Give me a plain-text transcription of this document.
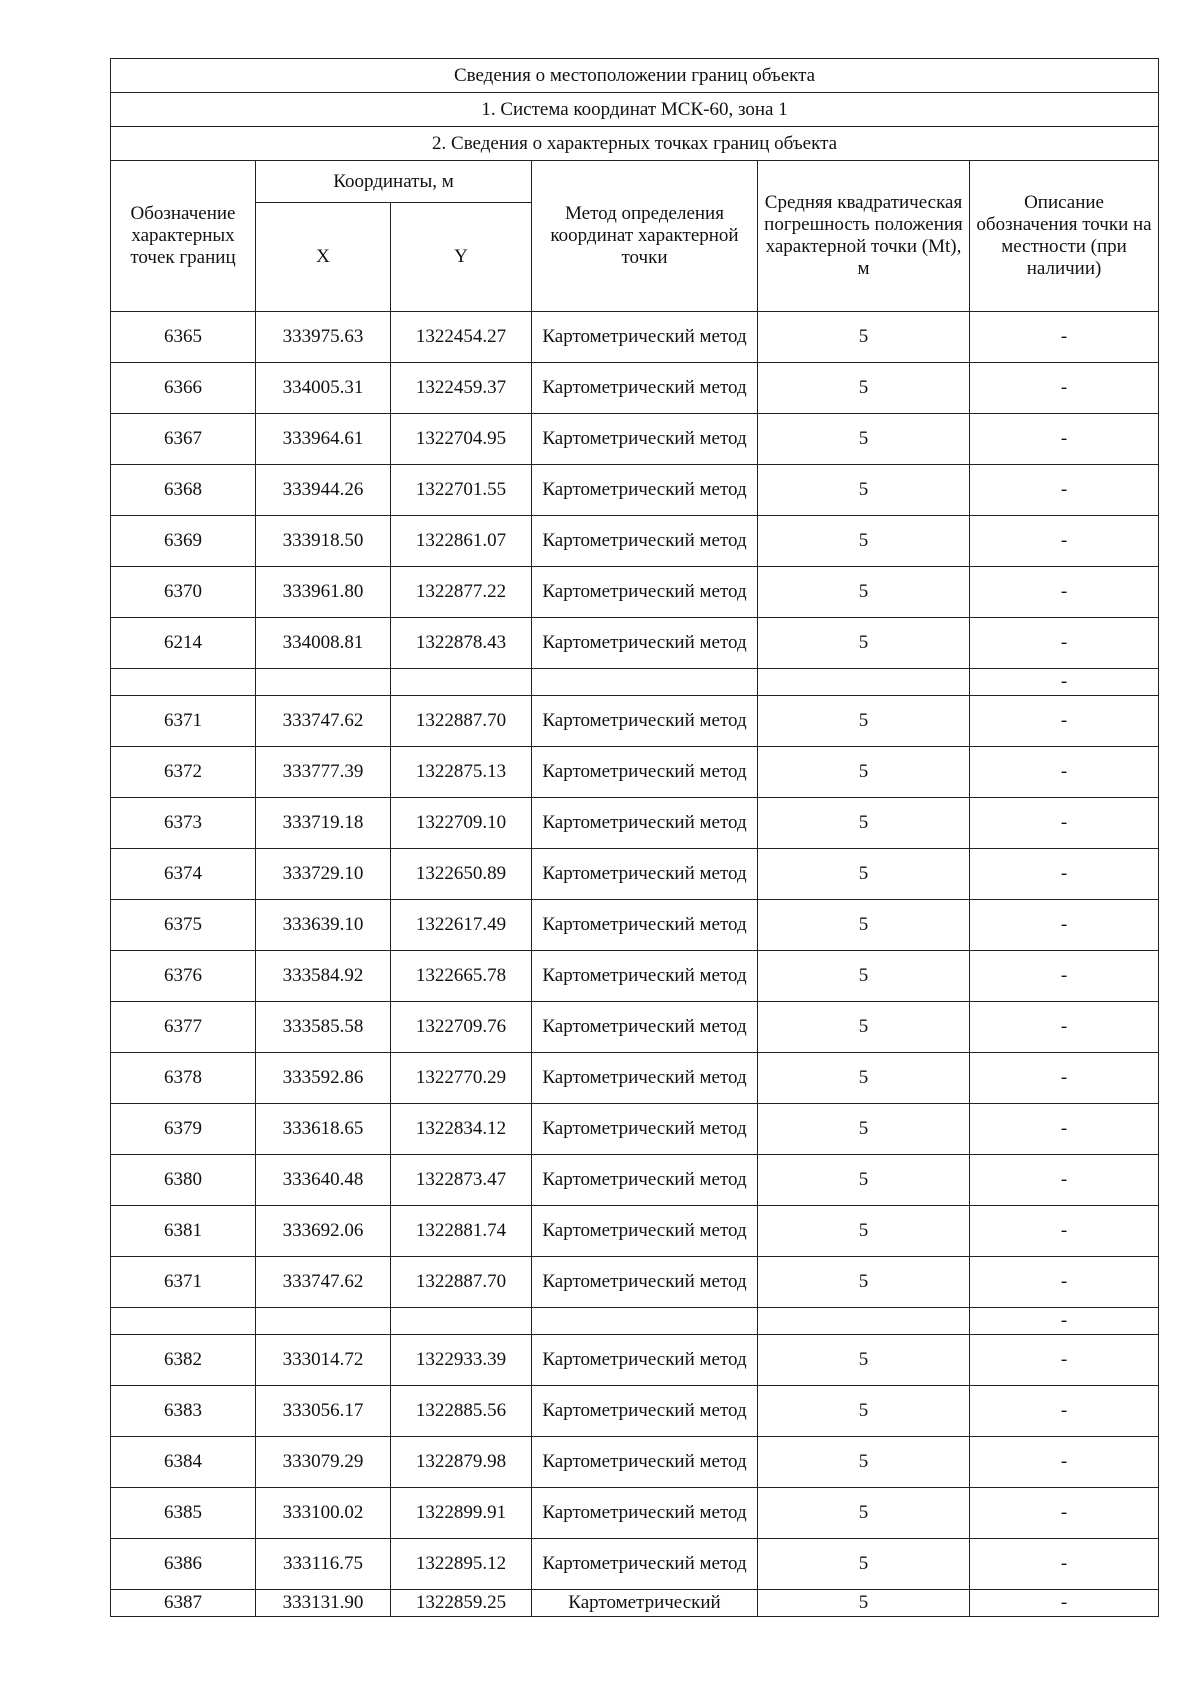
Сведения о местоположении границ объекта					
1. Система координат МСК-60, зона 1					
2. Сведения о характерных точках границ объекта					
Обозначение характерных точек границ	Координаты, м		Метод определения координат характерной точки	Средняя квадратическая погрешность положения характерной точки (Mt), м	Описание обозначения точки на местности (при наличии)
	X	Y			
6365	333975.63	1322454.27	Картометрический метод	5	-
6366	334005.31	1322459.37	Картометрический метод	5	-
6367	333964.61	1322704.95	Картометрический метод	5	-
6368	333944.26	1322701.55	Картометрический метод	5	-
6369	333918.50	1322861.07	Картометрический метод	5	-
6370	333961.80	1322877.22	Картометрический метод	5	-
6214	334008.81	1322878.43	Картометрический метод	5	-
					-
6371	333747.62	1322887.70	Картометрический метод	5	-
6372	333777.39	1322875.13	Картометрический метод	5	-
6373	333719.18	1322709.10	Картометрический метод	5	-
6374	333729.10	1322650.89	Картометрический метод	5	-
6375	333639.10	1322617.49	Картометрический метод	5	-
6376	333584.92	1322665.78	Картометрический метод	5	-
6377	333585.58	1322709.76	Картометрический метод	5	-
6378	333592.86	1322770.29	Картометрический метод	5	-
6379	333618.65	1322834.12	Картометрический метод	5	-
6380	333640.48	1322873.47	Картометрический метод	5	-
6381	333692.06	1322881.74	Картометрический метод	5	-
6371	333747.62	1322887.70	Картометрический метод	5	-
					-
6382	333014.72	1322933.39	Картометрический метод	5	-
6383	333056.17	1322885.56	Картометрический метод	5	-
6384	333079.29	1322879.98	Картометрический метод	5	-
6385	333100.02	1322899.91	Картометрический метод	5	-
6386	333116.75	1322895.12	Картометрический метод	5	-
6387	333131.90	1322859.25	Картометрический	5	-
